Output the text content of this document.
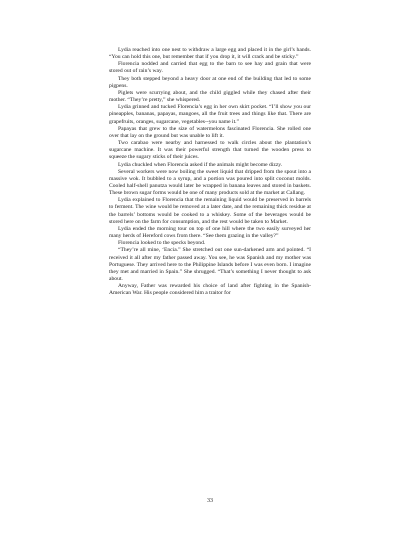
Lydia reached into one nest to withdraw a large egg and placed it in the girl’s hands. “You can hold this one, but remember that if you drop it, it will crack and be sticky.”

Florencia nodded and carried that egg to the barn to see hay and grain that were stored out of rain’s way.

They both stepped beyond a heavy door at one end of the building that led to some pigpens.

Piglets were scurrying about, and the child giggled while they chased after their mother. “They’re pretty,” she whispered.

Lydia grinned and tucked Florencia’s egg in her own skirt pocket. “I’ll show you our pineapples, bananas, papayas, mangoes, all the fruit trees and things like that. There are grapefruits, oranges, sugarcane, vegetables--you name it.”

Papayas that grew to the size of watermelons fascinated Florencia. She rolled one over that lay on the ground but was unable to lift it.

Two carabao were nearby and harnessed to walk circles about the plantation’s sugarcane machine. It was their powerful strength that turned the wooden press to squeeze the sugary sticks of their juices.

Lydia chuckled when Florencia asked if the animals might become dizzy.

Several workers were now boiling the sweet liquid that dripped from the spout into a massive wok. It bubbled to a syrup, and a portion was poured into split coconut molds. Cooled half-shell panutza would later be wrapped in banana leaves and stored in baskets. These brown sugar forms would be one of many products sold at the market at Callang.

Lydia explained to Florencia that the remaining liquid would be preserved in barrels to ferment. The wine would be removed at a later date, and the remaining thick residue at the barrels’ bottoms would be cooked to a whiskey. Some of the beverages would be stored here on the farm for consumption, and the rest would be taken to Market.

Lydia ended the morning tour on top of one hill where the two easily surveyed her many herds of Hereford cows from there. “See them grazing in the valley?”

Florencia looked to the specks beyond.

“They’re all mine, ‘Encia.” She stretched out one sun-darkened arm and pointed. “I received it all after my father passed away. You see, he was Spanish and my mother was Portuguese. They arrived here to the Philippine Islands before I was even born. I imagine they met and married in Spain.” She shrugged. “That’s something I never thought to ask about.

Anyway, Father was rewarded his choice of land after fighting in the Spanish-American War. His people considered him a traitor for

33
